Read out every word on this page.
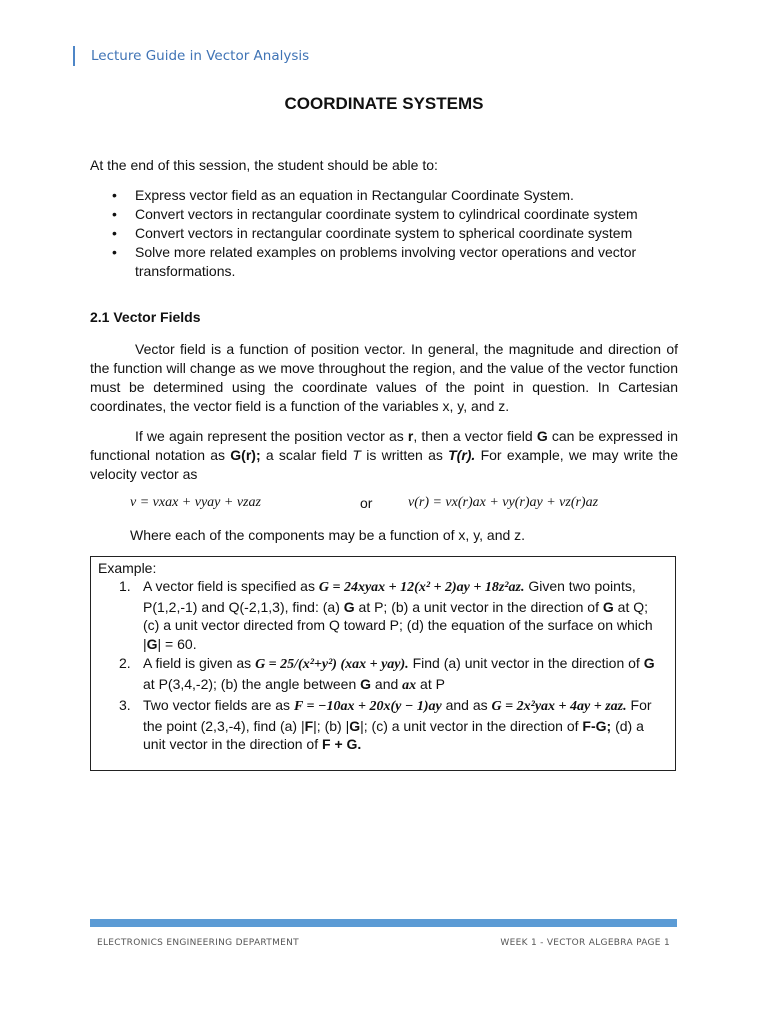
Lecture Guide in Vector Analysis
COORDINATE SYSTEMS
At the end of this session, the student should be able to:
• Express vector field as an equation in Rectangular Coordinate System.
• Convert vectors in rectangular coordinate system to cylindrical coordinate system
• Convert vectors in rectangular coordinate system to spherical coordinate system
• Solve more related examples on problems involving vector operations and vector transformations.
2.1 Vector Fields
Vector field is a function of position vector. In general, the magnitude and direction of the function will change as we move throughout the region, and the value of the vector function must be determined using the coordinate values of the point in question. In Cartesian coordinates, the vector field is a function of the variables x, y, and z.
If we again represent the position vector as r, then a vector field G can be expressed in functional notation as G(r); a scalar field T is written as T(r). For example, we may write the velocity vector as
v = vxax + vyay + vzaz	or	v(r) = vx(r)ax + vy(r)ay + vz(r)az
Where each of the components may be a function of x, y, and z.
Example:
1. A vector field is specified as G = 24xyax + 12(x² + 2)ay + 18z²az. Given two points, P(1,2,-1) and Q(-2,1,3), find: (a) G at P; (b) a unit vector in the direction of G at Q; (c) a unit vector directed from Q toward P; (d) the equation of the surface on which |G| = 60.
2. A field is given as G = 25/(x²+y²) (xax + yay). Find (a) unit vector in the direction of G at P(3,4,-2); (b) the angle between G and ax at P
3. Two vector fields are as F = −10ax + 20x(y − 1)ay and as G = 2x²yax + 4ay + zaz. For the point (2,3,-4), find (a) |F|; (b) |G|; (c) a unit vector in the direction of F-G; (d) a unit vector in the direction of F + G.
ELECTRONICS ENGINEERING DEPARTMENT	WEEK 1 - VECTOR ALGEBRA PAGE 1
